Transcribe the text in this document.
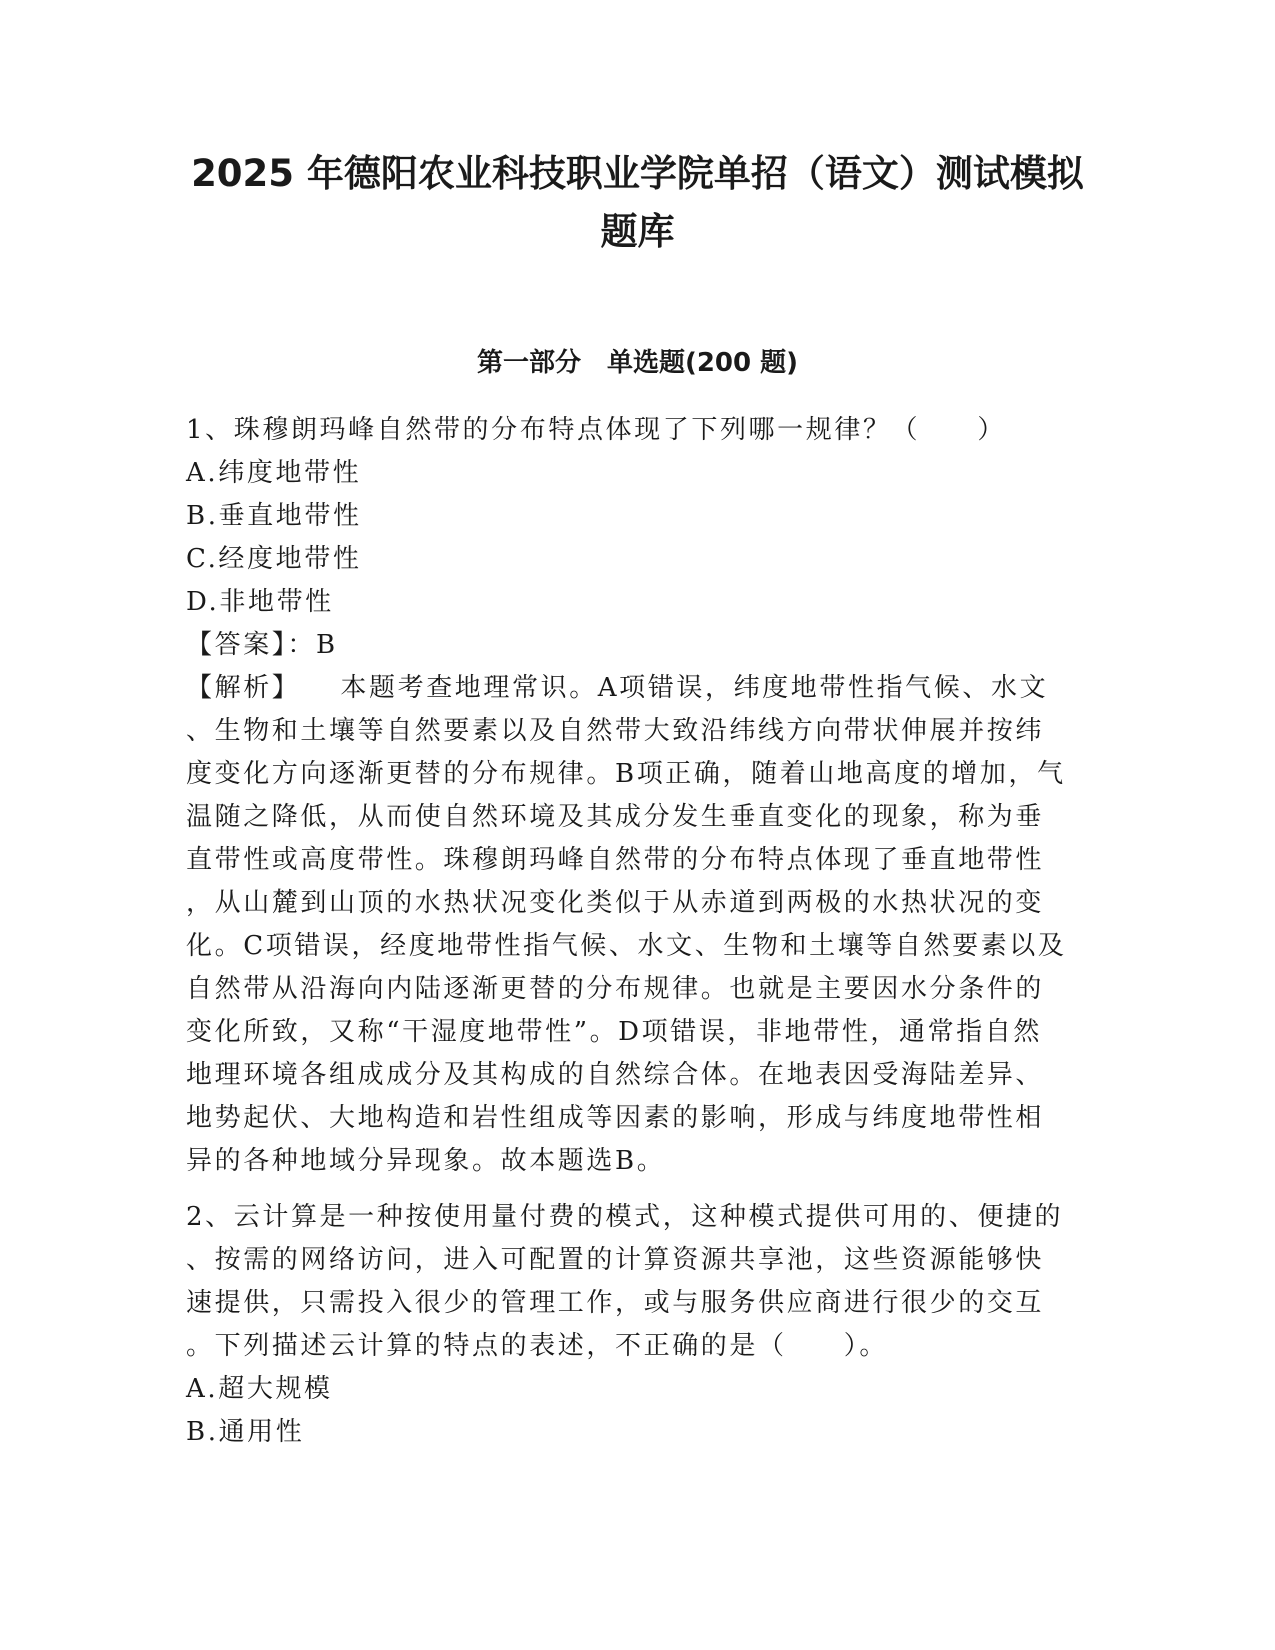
2025 年德阳农业科技职业学院单招（语文）测试模拟
题库
第一部分　单选题(200 题)
1、珠穆朗玛峰自然带的分布特点体现了下列哪一规律？（　　）
A.纬度地带性
B.垂直地带性
C.经度地带性
D.非地带性
【答案】：B
【解析】 本题考查地理常识。A项错误，纬度地带性指气候、水文
、生物和土壤等自然要素以及自然带大致沿纬线方向带状伸展并按纬
度变化方向逐渐更替的分布规律。B项正确，随着山地高度的增加，气
温随之降低，从而使自然环境及其成分发生垂直变化的现象，称为垂
直带性或高度带性。珠穆朗玛峰自然带的分布特点体现了垂直地带性
，从山麓到山顶的水热状况变化类似于从赤道到两极的水热状况的变
化。C项错误，经度地带性指气候、水文、生物和土壤等自然要素以及
自然带从沿海向内陆逐渐更替的分布规律。也就是主要因水分条件的
变化所致，又称“干湿度地带性”。D项错误，非地带性，通常指自然
地理环境各组成成分及其构成的自然综合体。在地表因受海陆差异、
地势起伏、大地构造和岩性组成等因素的影响，形成与纬度地带性相
异的各种地域分异现象。故本题选B。
2、云计算是一种按使用量付费的模式，这种模式提供可用的、便捷的
、按需的网络访问，进入可配置的计算资源共享池，这些资源能够快
速提供，只需投入很少的管理工作，或与服务供应商进行很少的交互
。下列描述云计算的特点的表述，不正确的是（　　）。
A.超大规模
B.通用性
